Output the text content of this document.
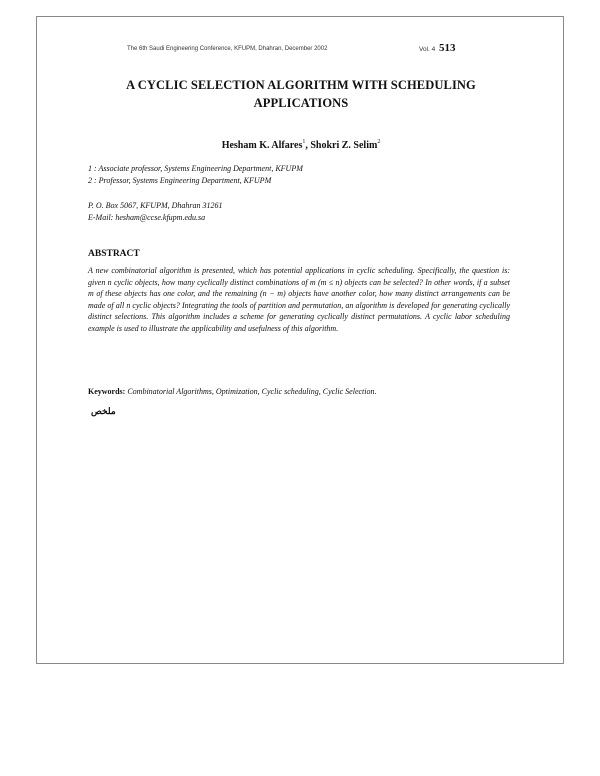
The 6th Saudi Engineering Conference, KFUPM, Dhahran, December 2002	Vol. 4 513
A CYCLIC SELECTION ALGORITHM WITH SCHEDULING
APPLICATIONS
Hesham K. Alfares$^1$, Shokri Z. Selim$^2$
1 : Associate professor, Systems Engineering Department, KFUPM
2 : Professor, Systems Engineering Department, KFUPM
P. O. Box 5067, KFUPM, Dhahran 31261
E-Mail: hesham@ccse.kfupm.edu.sa
ABSTRACT
A new combinatorial algorithm is presented, which has potential applications in cyclic scheduling. Specifically, the question is: given n cyclic objects, how many cyclically distinct combinations of m (m ≤ n) objects can be selected? In other words, if a subset m of these objects has one color, and the remaining (n − m) objects have another color, how many distinct arrangements can be made of all n cyclic objects? Integrating the tools of partition and permutation, an algorithm is developed for generating cyclically distinct selections. This algorithm includes a scheme for generating cyclically distinct permutations. A cyclic labor scheduling example is used to illustrate the applicability and usefulness of this algorithm.
Keywords: Combinatorial Algorithms, Optimization, Cyclic scheduling, Cyclic Selection.
ﻣﻠﺨﺺ
